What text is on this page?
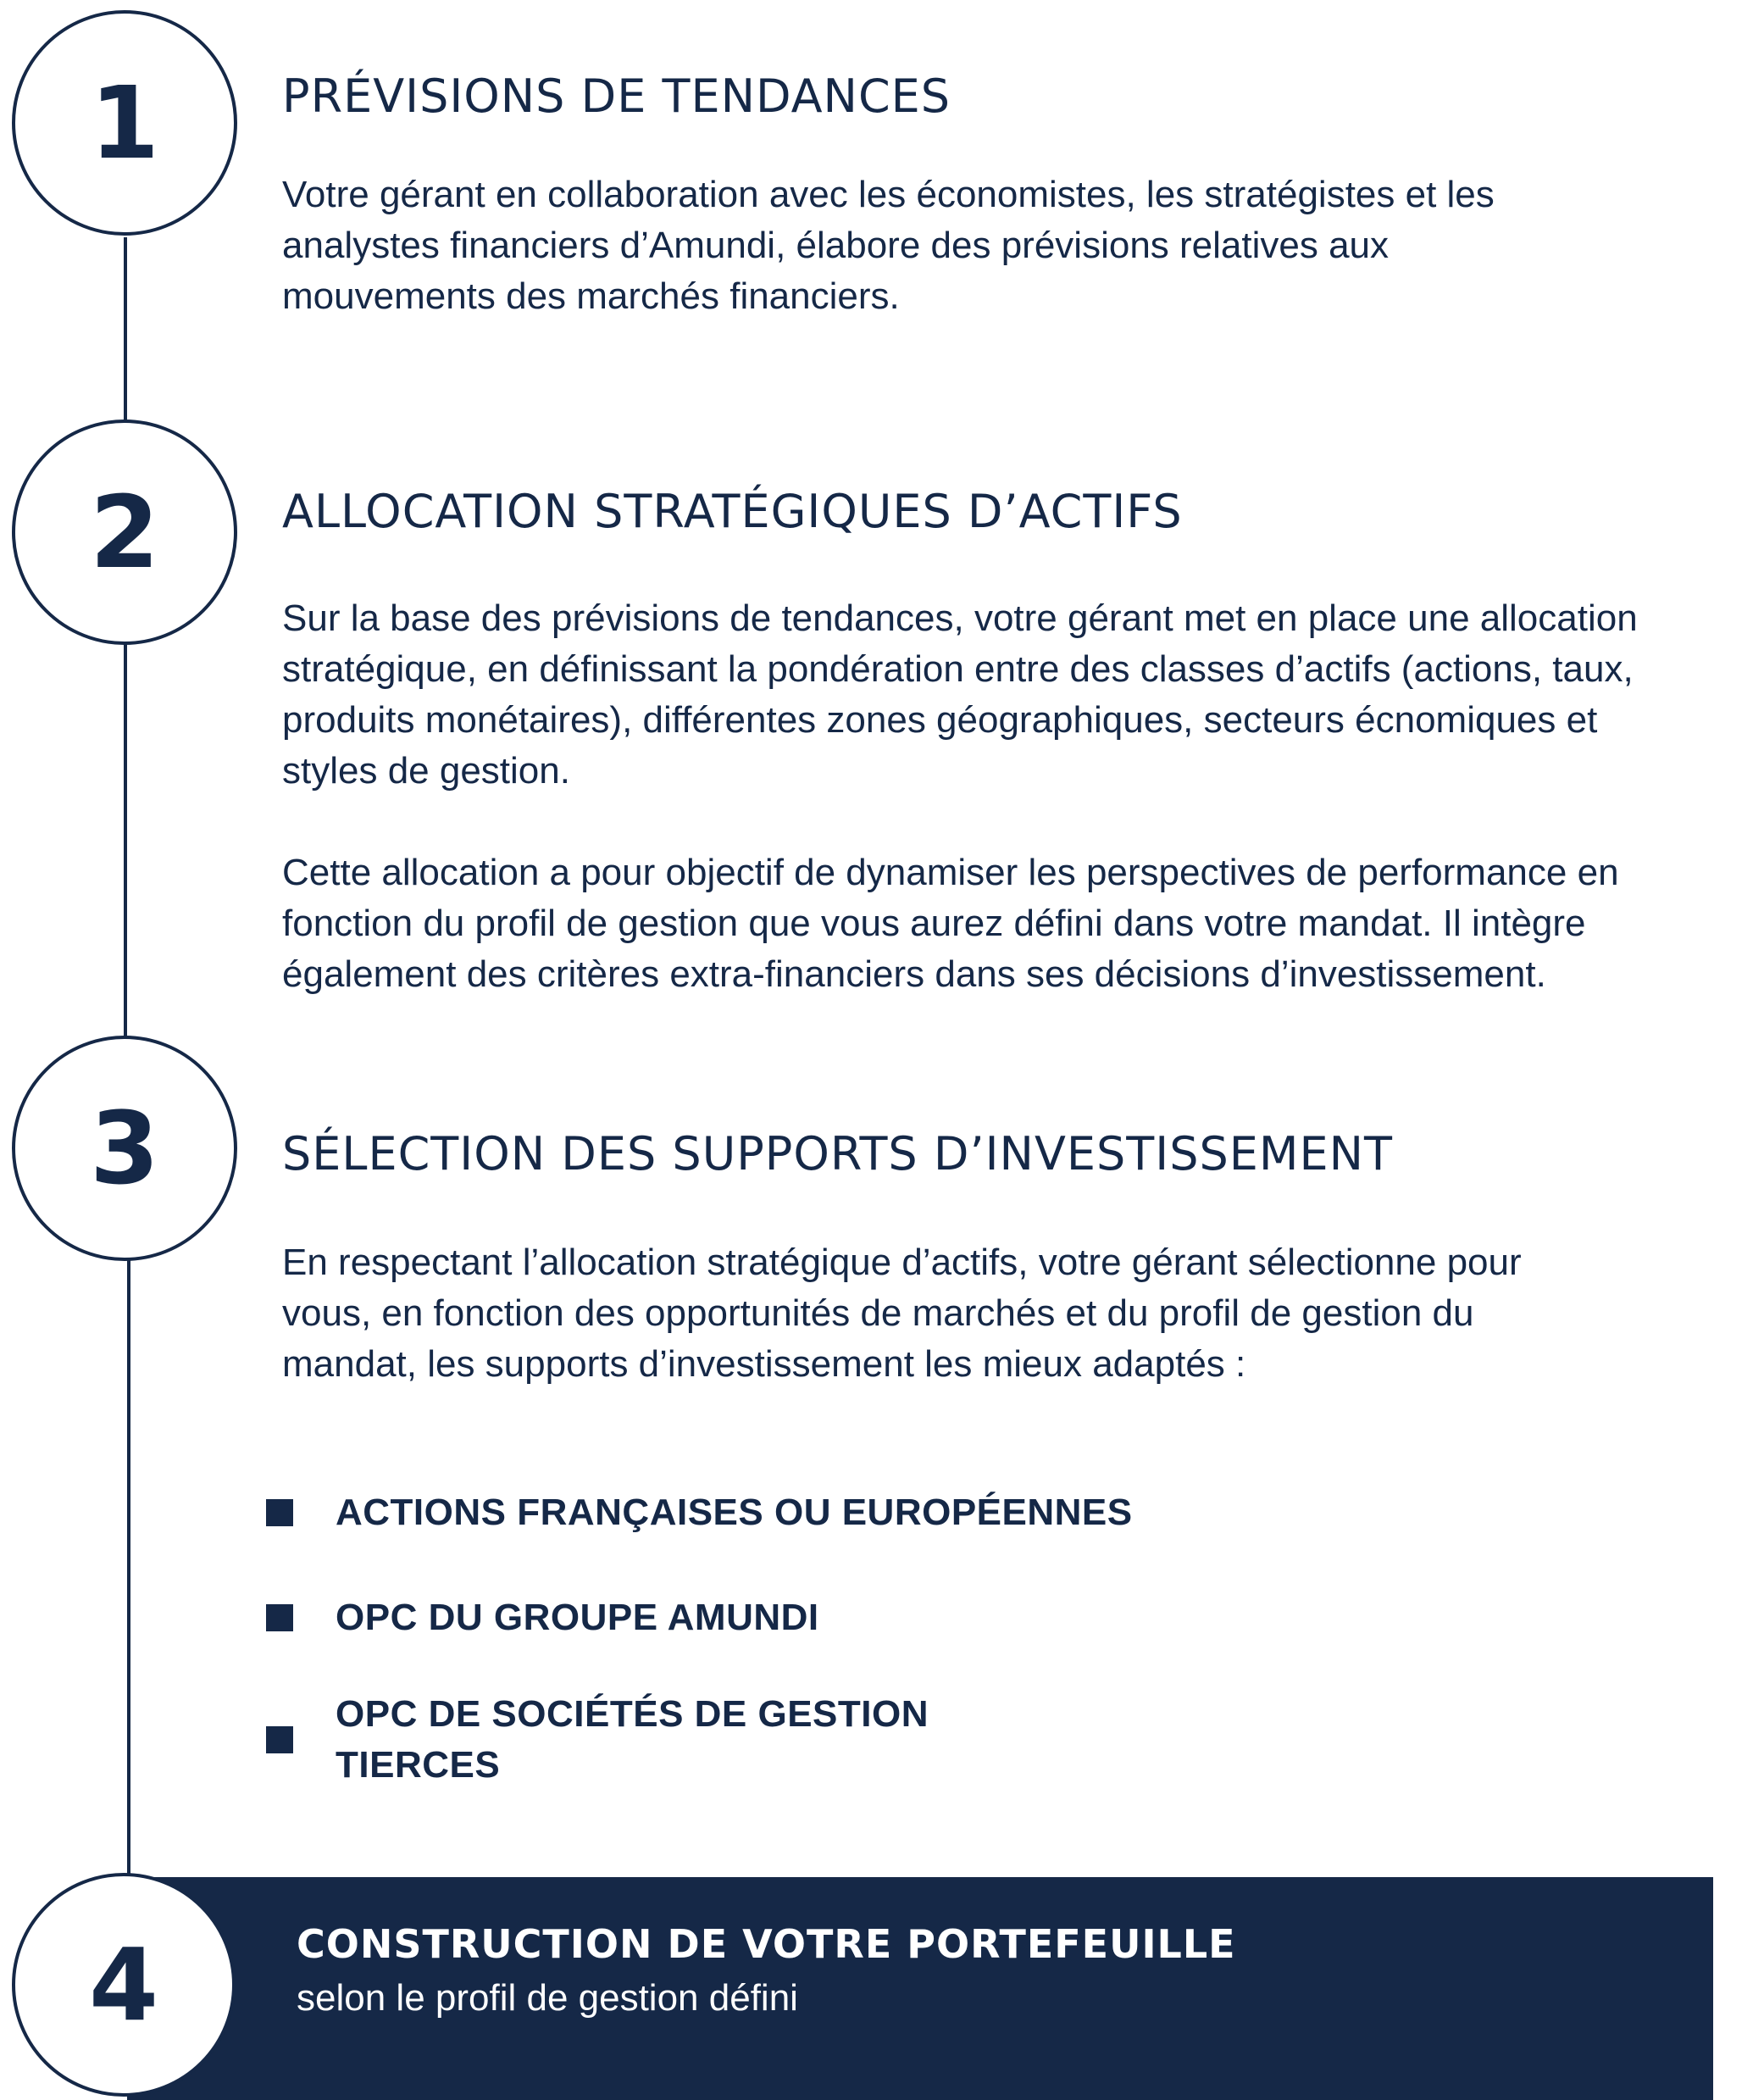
1	PRÉVISIONS DE TENDANCES

Votre gérant en collaboration avec les économistes, les stratégistes et les analystes financiers d’Amundi, élabore des prévisions relatives aux mouvements des marchés financiers.

2	ALLOCATION STRATÉGIQUES D’ACTIFS

Sur la base des prévisions de tendances, votre gérant met en place une allocation stratégique, en définissant la pondération entre des classes d’actifs (actions, taux, produits monétaires), différentes zones géographiques, secteurs écnomiques et styles de gestion.

Cette allocation a pour objectif de dynamiser les perspectives de performance en fonction du profil de gestion que vous aurez défini dans votre mandat. Il intègre également des critères extra-financiers dans ses décisions d’investissement.

3	SÉLECTION DES SUPPORTS D’INVESTISSEMENT

En respectant l’allocation stratégique d’actifs, votre gérant sélectionne pour vous, en fonction des opportunités de marchés et du profil de gestion du mandat, les supports d’investissement les mieux adaptés :

ACTIONS FRANÇAISES OU EUROPÉENNES
OPC DU GROUPE AMUNDI
OPC DE SOCIÉTÉS DE GESTION TIERCES
CONSTRUCTION DE VOTRE PORTEFEUILLE
selon le profil de gestion défini
4
